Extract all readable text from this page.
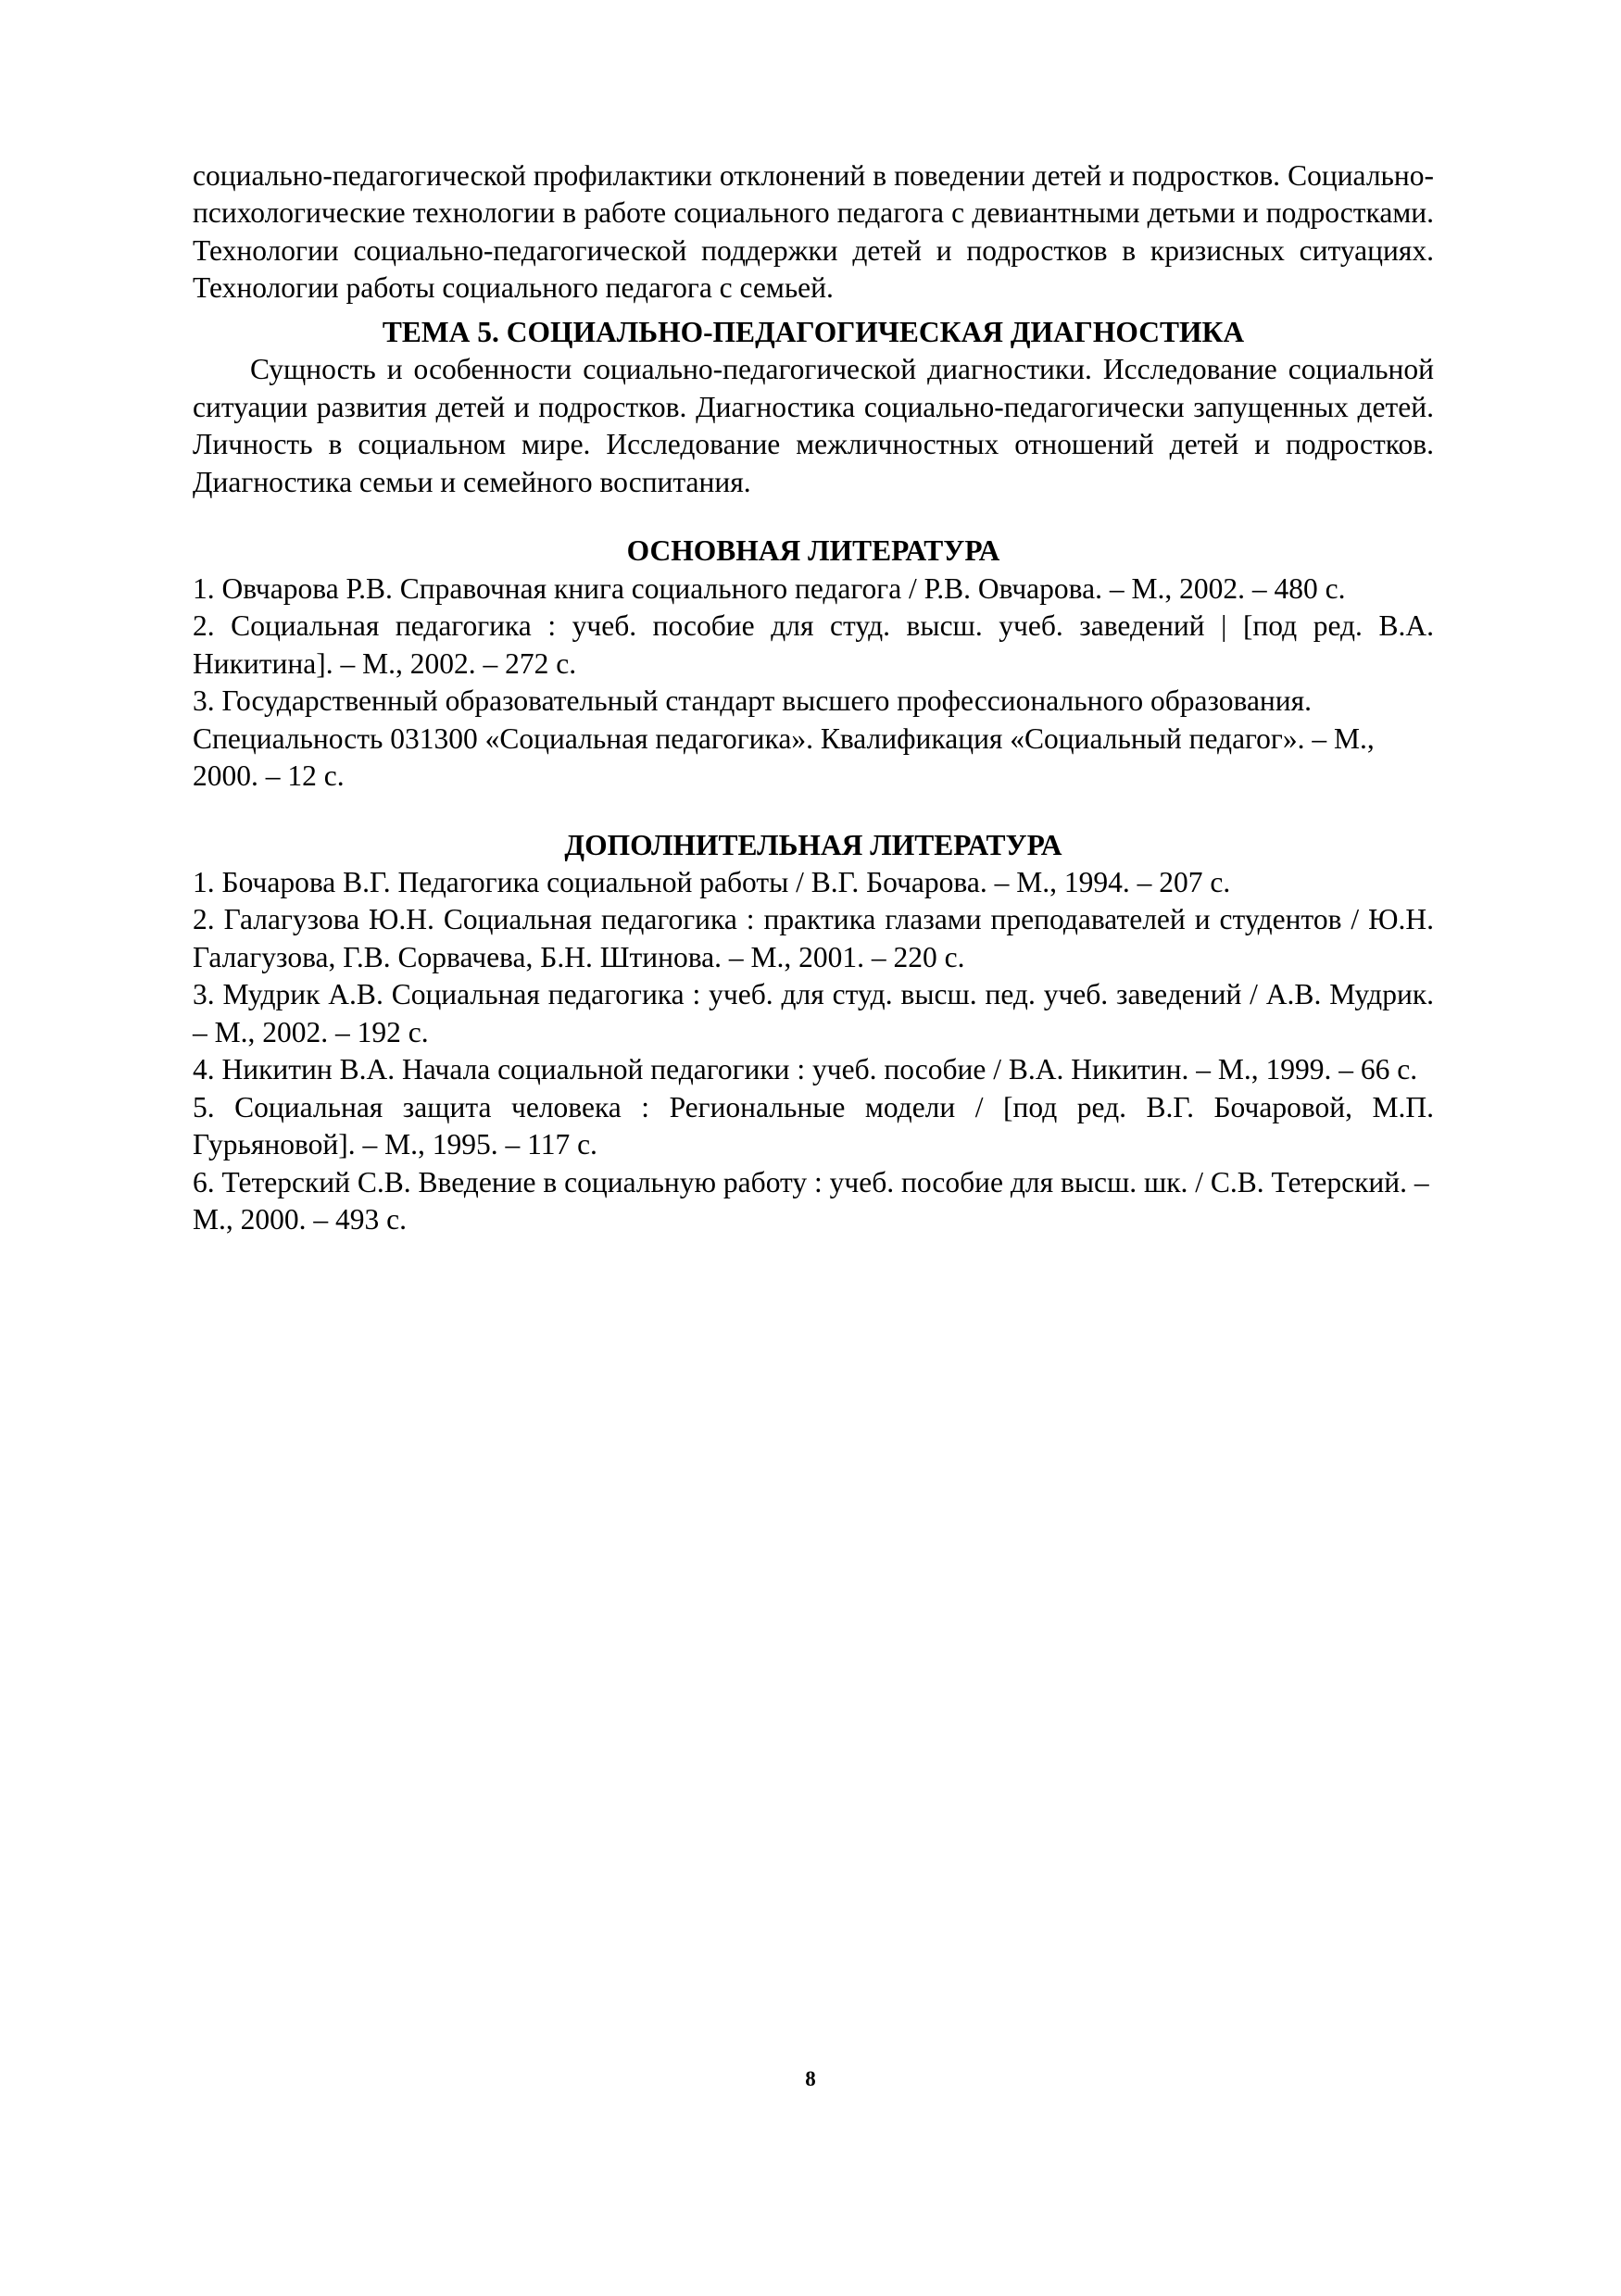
социально-педагогической профилактики отклонений в поведении детей и подростков. Социально-психологические технологии в работе социального педагога с девиантными детьми и подростками. Технологии социально-педагогической поддержки детей и подростков в кризисных ситуациях. Технологии работы социального педагога с семьей.

ТЕМА 5. СОЦИАЛЬНО-ПЕДАГОГИЧЕСКАЯ ДИАГНОСТИКА

Сущность и особенности социально-педагогической диагностики. Исследование социальной ситуации развития детей и подростков. Диагностика социально-педагогически запущенных детей. Личность в социальном мире. Исследование межличностных отношений детей и подростков. Диагностика семьи и семейного воспитания.

ОСНОВНАЯ ЛИТЕРАТУРА
1. Овчарова Р.В. Справочная книга социального педагога / Р.В. Овчарова. – М., 2002. – 480 с.
2. Социальная педагогика : учеб. пособие для студ. высш. учеб. заведений | [под ред. В.А. Никитина]. – М., 2002. – 272 с.
3. Государственный образовательный стандарт высшего профессионального образования. Специальность 031300 «Социальная педагогика». Квалификация «Социальный педагог». – М., 2000. – 12 с.
ДОПОЛНИТЕЛЬНАЯ ЛИТЕРАТУРА
1. Бочарова В.Г. Педагогика социальной работы / В.Г. Бочарова. – М., 1994. – 207 с.
2. Галагузова Ю.Н. Социальная педагогика : практика глазами преподавателей и студентов / Ю.Н. Галагузова, Г.В. Сорвачева, Б.Н. Штинова. – М., 2001. – 220 с.
3. Мудрик А.В. Социальная педагогика : учеб. для студ. высш. пед. учеб. заведений / А.В. Мудрик. – М., 2002. – 192 с.
4. Никитин В.А. Начала социальной педагогики : учеб. пособие / В.А. Никитин. – М., 1999. – 66 с.
5. Социальная защита человека : Региональные модели / [под ред. В.Г. Бочаровой, М.П. Гурьяновой]. – М., 1995. – 117 с.
6. Тетерский С.В. Введение в социальную работу : учеб. пособие для высш. шк. / С.В. Тетерский. – М., 2000. – 493 с.
8
